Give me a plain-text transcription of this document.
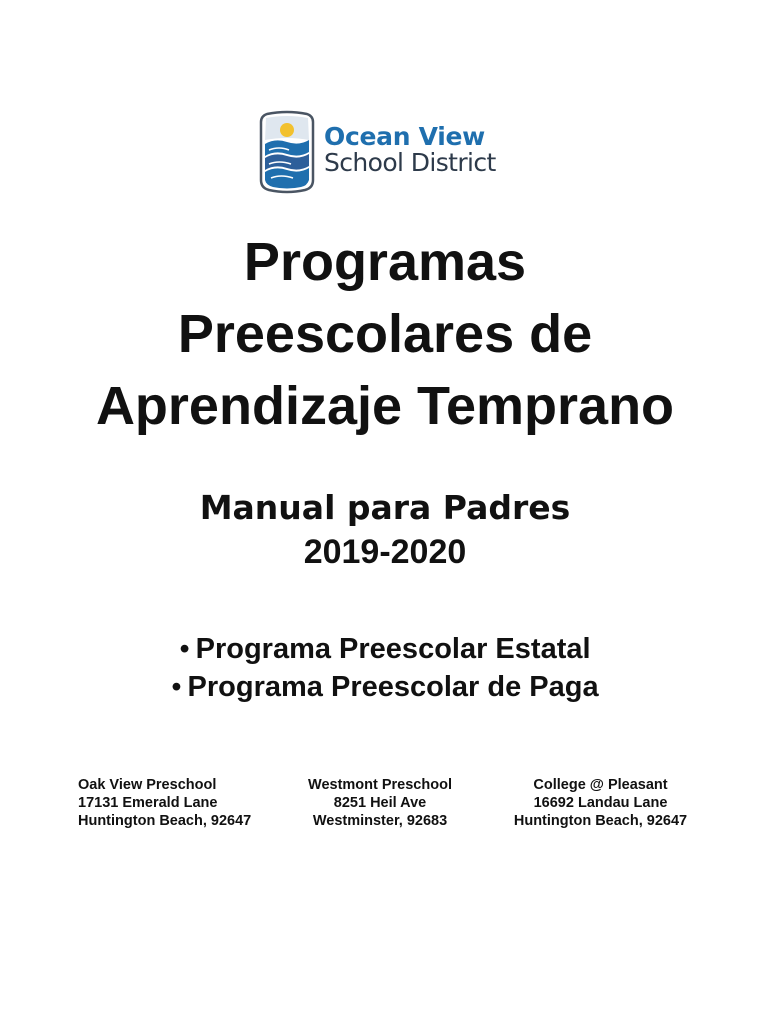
Ocean View
School District
Programas
Preescolares de
Aprendizaje Temprano
Manual para Padres
2019-2020
• Programa Preescolar Estatal
• Programa Preescolar de Paga
Oak View Preschool
17131 Emerald Lane
Huntington Beach, 92647
Westmont Preschool
8251 Heil Ave
Westminster, 92683
College @ Pleasant
16692 Landau Lane
Huntington Beach, 92647
